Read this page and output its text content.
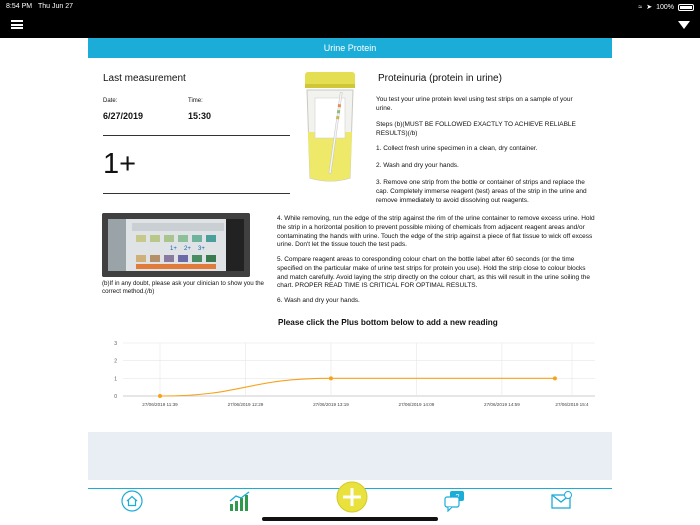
8:54 PM Thu Jun 27	≈ ➤ 100%
Urine Protein
Last measurement
Date:	Time:
6/27/2019	15:30
1+
1+ 2+ 3+
(b)If in any doubt, please ask your clinician to show you the correct method.(/b)
Proteinuria (protein in urine)
You test your urine protein level using test strips on a sample of your urine.
Steps (b)(MUST BE FOLLOWED EXACTLY TO ACHIEVE RELIABLE RESULTS)(/b)
1. Collect fresh urine specimen in a clean, dry container.
2. Wash and dry your hands.
3. Remove one strip from the bottle or container of strips and replace the cap. Completely immerse reagent (test) areas of the strip in the urine and remove immediately to avoid dissolving out reagents.
4. While removing, run the edge of the strip against the rim of the urine container to remove excess urine. Hold the strip in a horizontal position to prevent possible mixing of chemicals from adjacent reagent areas and/or contaminating the hands with urine. Touch the edge of the strip against a piece of flat tissue to wick off excess urine. Don't let the tissue touch the test pads.
5. Compare reagent areas to coresponding colour chart on the bottle label after 60 seconds (or the time specified on the particular make of urine test strips for protein you use). Hold the strip close to colour blocks and match carefully. Avoid laying the strip directly on the colour chart, as this will result in the urine soiling the chart. PROPER READ TIME IS CRITICAL FOR OPTIMAL RESULTS.
6. Wash and dry your hands.
Please click the Plus bottom below to add a new reading
0
1
2
3
27/06/2019 11:39	27/06/2019 12:29	27/06/2019 13:19	27/06/2019 14:09	27/06/2019 14:59	27/06/2019 15:4
